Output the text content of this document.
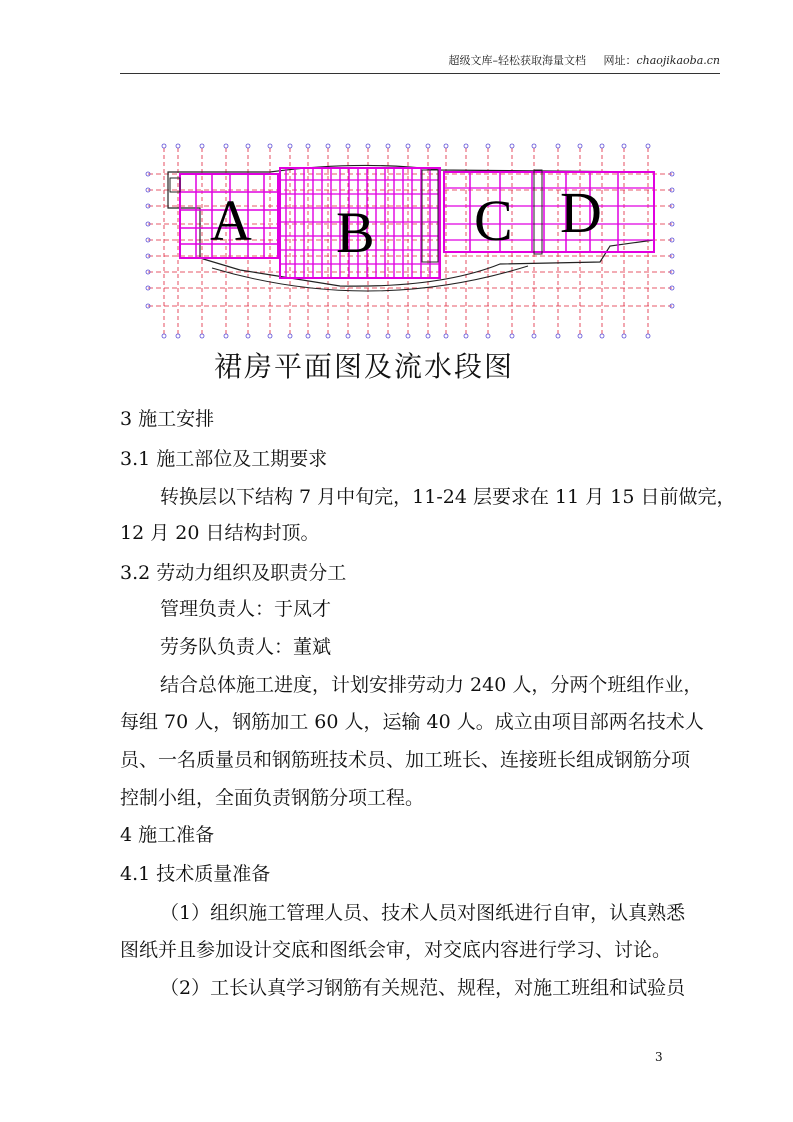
超级文库–轻松获取海量文档 网址：chaojikaoba.cn
A B C D
裙房平面图及流水段图
3 施工安排
3.1 施工部位及工期要求
转换层以下结构 7 月中旬完，11-24 层要求在 11 月 15 日前做完，
12 月 20 日结构封顶。
3.2 劳动力组织及职责分工
管理负责人：于凤才
劳务队负责人：董斌
结合总体施工进度，计划安排劳动力 240 人，分两个班组作业，
每组 70 人，钢筋加工 60 人，运输 40 人。成立由项目部两名技术人
员、一名质量员和钢筋班技术员、加工班长、连接班长组成钢筋分项
控制小组，全面负责钢筋分项工程。
4 施工准备
4.1 技术质量准备
（1）组织施工管理人员、技术人员对图纸进行自审，认真熟悉
图纸并且参加设计交底和图纸会审，对交底内容进行学习、讨论。
（2）工长认真学习钢筋有关规范、规程，对施工班组和试验员
3
